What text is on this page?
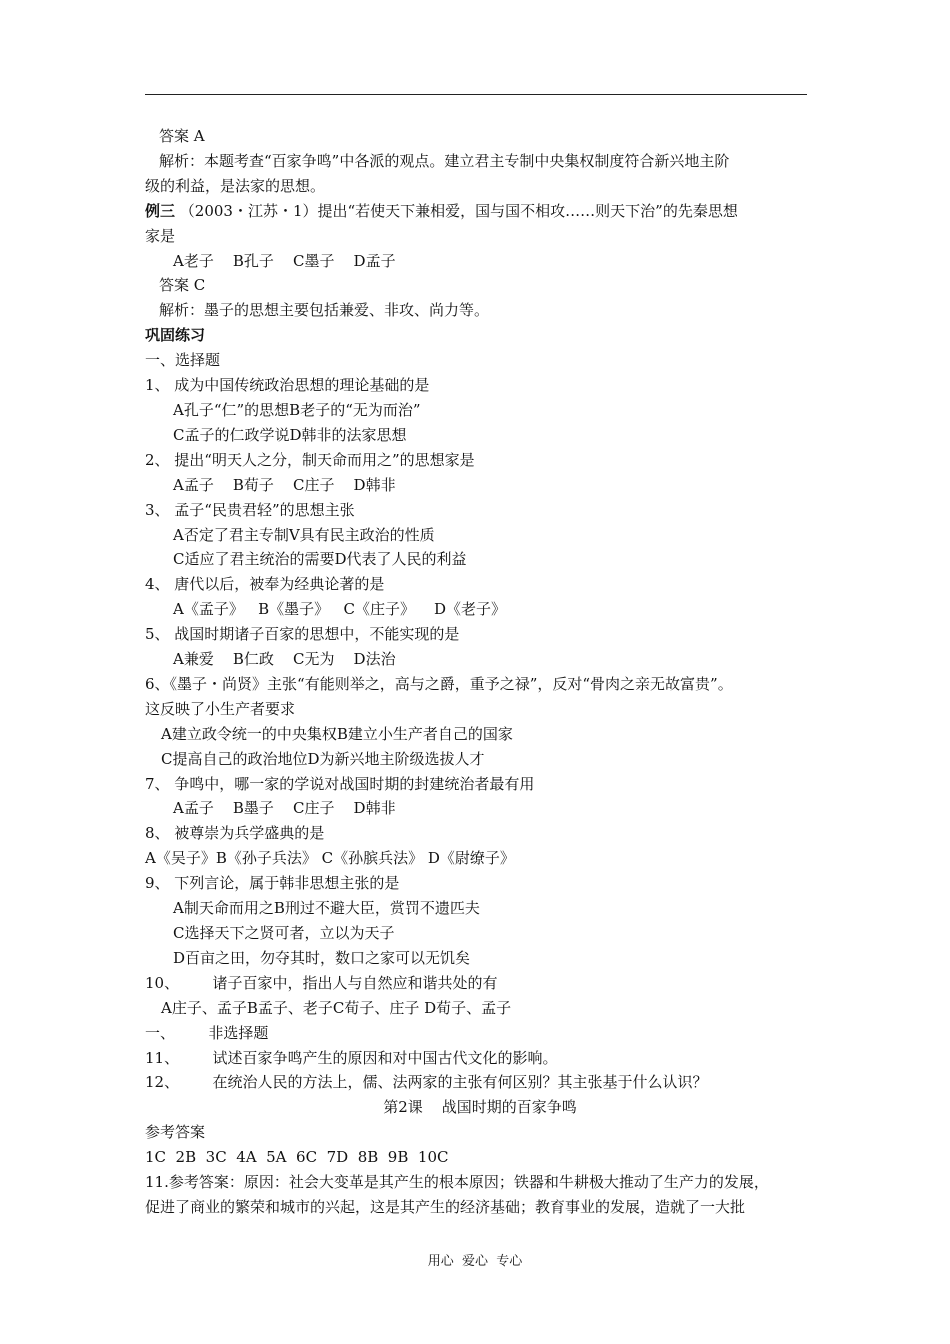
答案 A
解析：本题考查“百家争鸣”中各派的观点。建立君主专制中央集权制度符合新兴地主阶
级的利益，是法家的思想。
例三 （2003・江苏・1）提出“若使天下兼相爱，国与国不相攻……则天下治”的先秦思想
家是
A老子    B孔子    C墨子    D孟子
答案 C
解析：墨子的思想主要包括兼爱、非攻、尚力等。
巩固练习
一、选择题
1、 成为中国传统政治思想的理论基础的是
A孔子“仁”的思想B老子的“无为而治”
C孟子的仁政学说D韩非的法家思想
2、 提出“明天人之分，制天命而用之”的思想家是
A孟子    B荀子    C庄子    D韩非
3、 孟子“民贵君轻”的思想主张
A否定了君主专制V具有民主政治的性质
C适应了君主统治的需要D代表了人民的利益
4、 唐代以后，被奉为经典论著的是
A《孟子》   B《墨子》   C《庄子》    D《老子》
5、 战国时期诸子百家的思想中，不能实现的是
A兼爱    B仁政    C无为    D法治
6、《墨子・尚贤》主张“有能则举之，高与之爵，重予之禄”，反对“骨肉之亲无故富贵”。
这反映了小生产者要求
A建立政令统一的中央集权B建立小生产者自己的国家
C提高自己的政治地位D为新兴地主阶级选拔人才
7、 争鸣中，哪一家的学说对战国时期的封建统治者最有用
A孟子    B墨子    C庄子    D韩非
8、 被尊崇为兵学盛典的是
A《吴子》B《孙子兵法》 C《孙膑兵法》 D《尉缭子》
9、 下列言论，属于韩非思想主张的是
A制天命而用之B刑过不避大臣，赏罚不遗匹夫
C选择天下之贤可者，立以为天子
D百亩之田，勿夺其时，数口之家可以无饥矣
10、       诸子百家中，指出人与自然应和谐共处的有
A庄子、孟子B孟子、老子C荀子、庄子 D荀子、孟子
一、       非选择题
11、       试述百家争鸣产生的原因和对中国古代文化的影响。
12、       在统治人民的方法上，儒、法两家的主张有何区别？其主张基于什么认识？
第2课    战国时期的百家争鸣
参考答案
1C  2B  3C  4A  5A  6C  7D  8B  9B  10C
11.参考答案：原因：社会大变革是其产生的根本原因；铁器和牛耕极大推动了生产力的发展，
促进了商业的繁荣和城市的兴起，这是其产生的经济基础；教育事业的发展，造就了一大批
用心  爱心  专心
